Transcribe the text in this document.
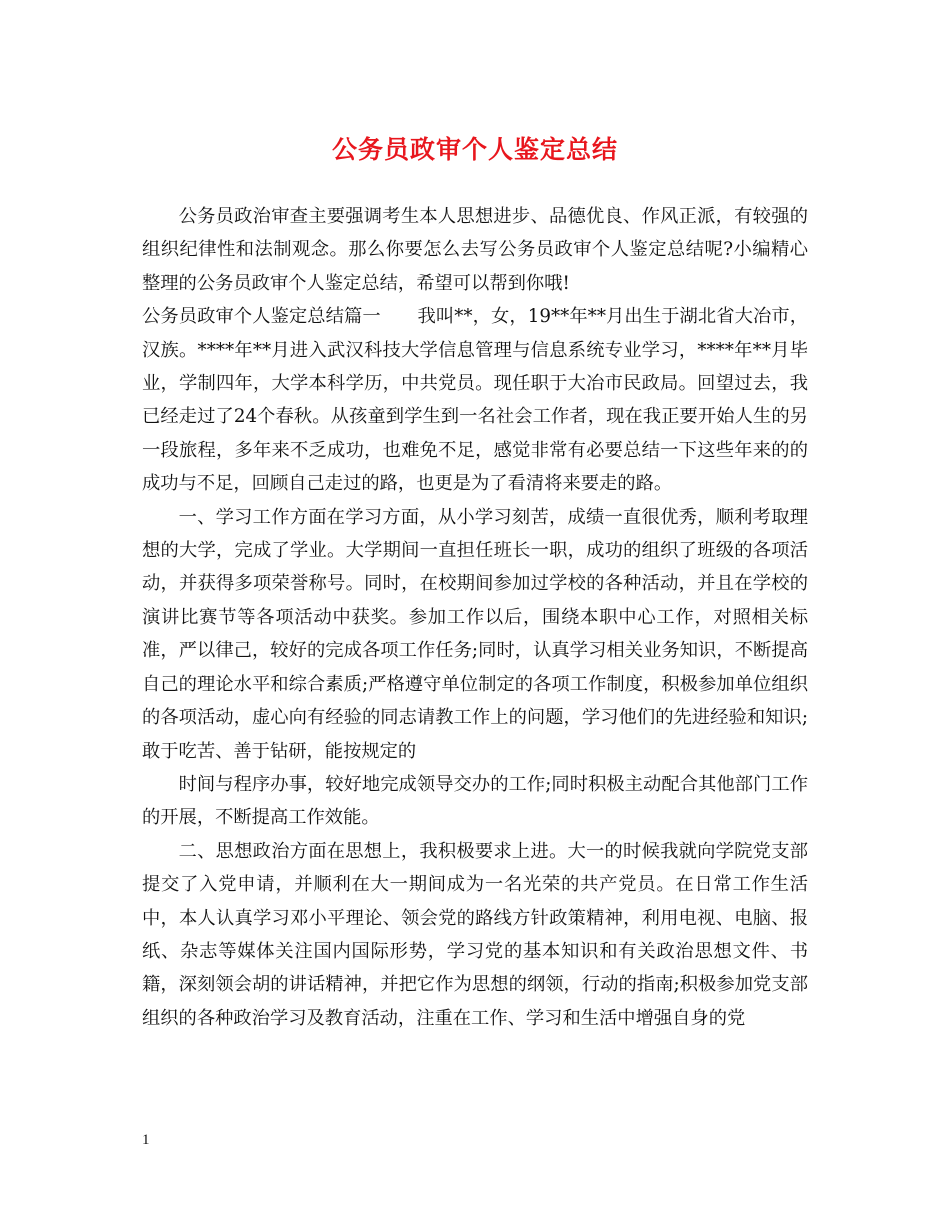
公务员政审个人鉴定总结

公务员政治审查主要强调考生本人思想进步、品德优良、作风正派，有较强的组织纪律性和法制观念。那么你要怎么去写公务员政审个人鉴定总结呢?小编精心整理的公务员政审个人鉴定总结，希望可以帮到你哦!

公务员政审个人鉴定总结篇一　　我叫**，女，19**年**月出生于湖北省大冶市，汉族。****年**月进入武汉科技大学信息管理与信息系统专业学习，****年**月毕业，学制四年，大学本科学历，中共党员。现任职于大冶市民政局。回望过去，我已经走过了24个春秋。从孩童到学生到一名社会工作者，现在我正要开始人生的另一段旅程，多年来不乏成功，也难免不足，感觉非常有必要总结一下这些年来的的成功与不足，回顾自己走过的路，也更是为了看清将来要走的路。

一、学习工作方面在学习方面，从小学习刻苦，成绩一直很优秀，顺利考取理想的大学，完成了学业。大学期间一直担任班长一职，成功的组织了班级的各项活动，并获得多项荣誉称号。同时，在校期间参加过学校的各种活动，并且在学校的演讲比赛节等各项活动中获奖。参加工作以后，围绕本职中心工作，对照相关标准，严以律己，较好的完成各项工作任务;同时，认真学习相关业务知识，不断提高自己的理论水平和综合素质;严格遵守单位制定的各项工作制度，积极参加单位组织的各项活动，虚心向有经验的同志请教工作上的问题，学习他们的先进经验和知识;敢于吃苦、善于钻研，能按规定的

时间与程序办事，较好地完成领导交办的工作;同时积极主动配合其他部门工作的开展，不断提高工作效能。

二、思想政治方面在思想上，我积极要求上进。大一的时候我就向学院党支部提交了入党申请，并顺利在大一期间成为一名光荣的共产党员。在日常工作生活中，本人认真学习邓小平理论、领会党的路线方针政策精神，利用电视、电脑、报纸、杂志等媒体关注国内国际形势，学习党的基本知识和有关政治思想文件、书籍，深刻领会胡的讲话精神，并把它作为思想的纲领，行动的指南;积极参加党支部组织的各种政治学习及教育活动，注重在工作、学习和生活中增强自身的党

1
